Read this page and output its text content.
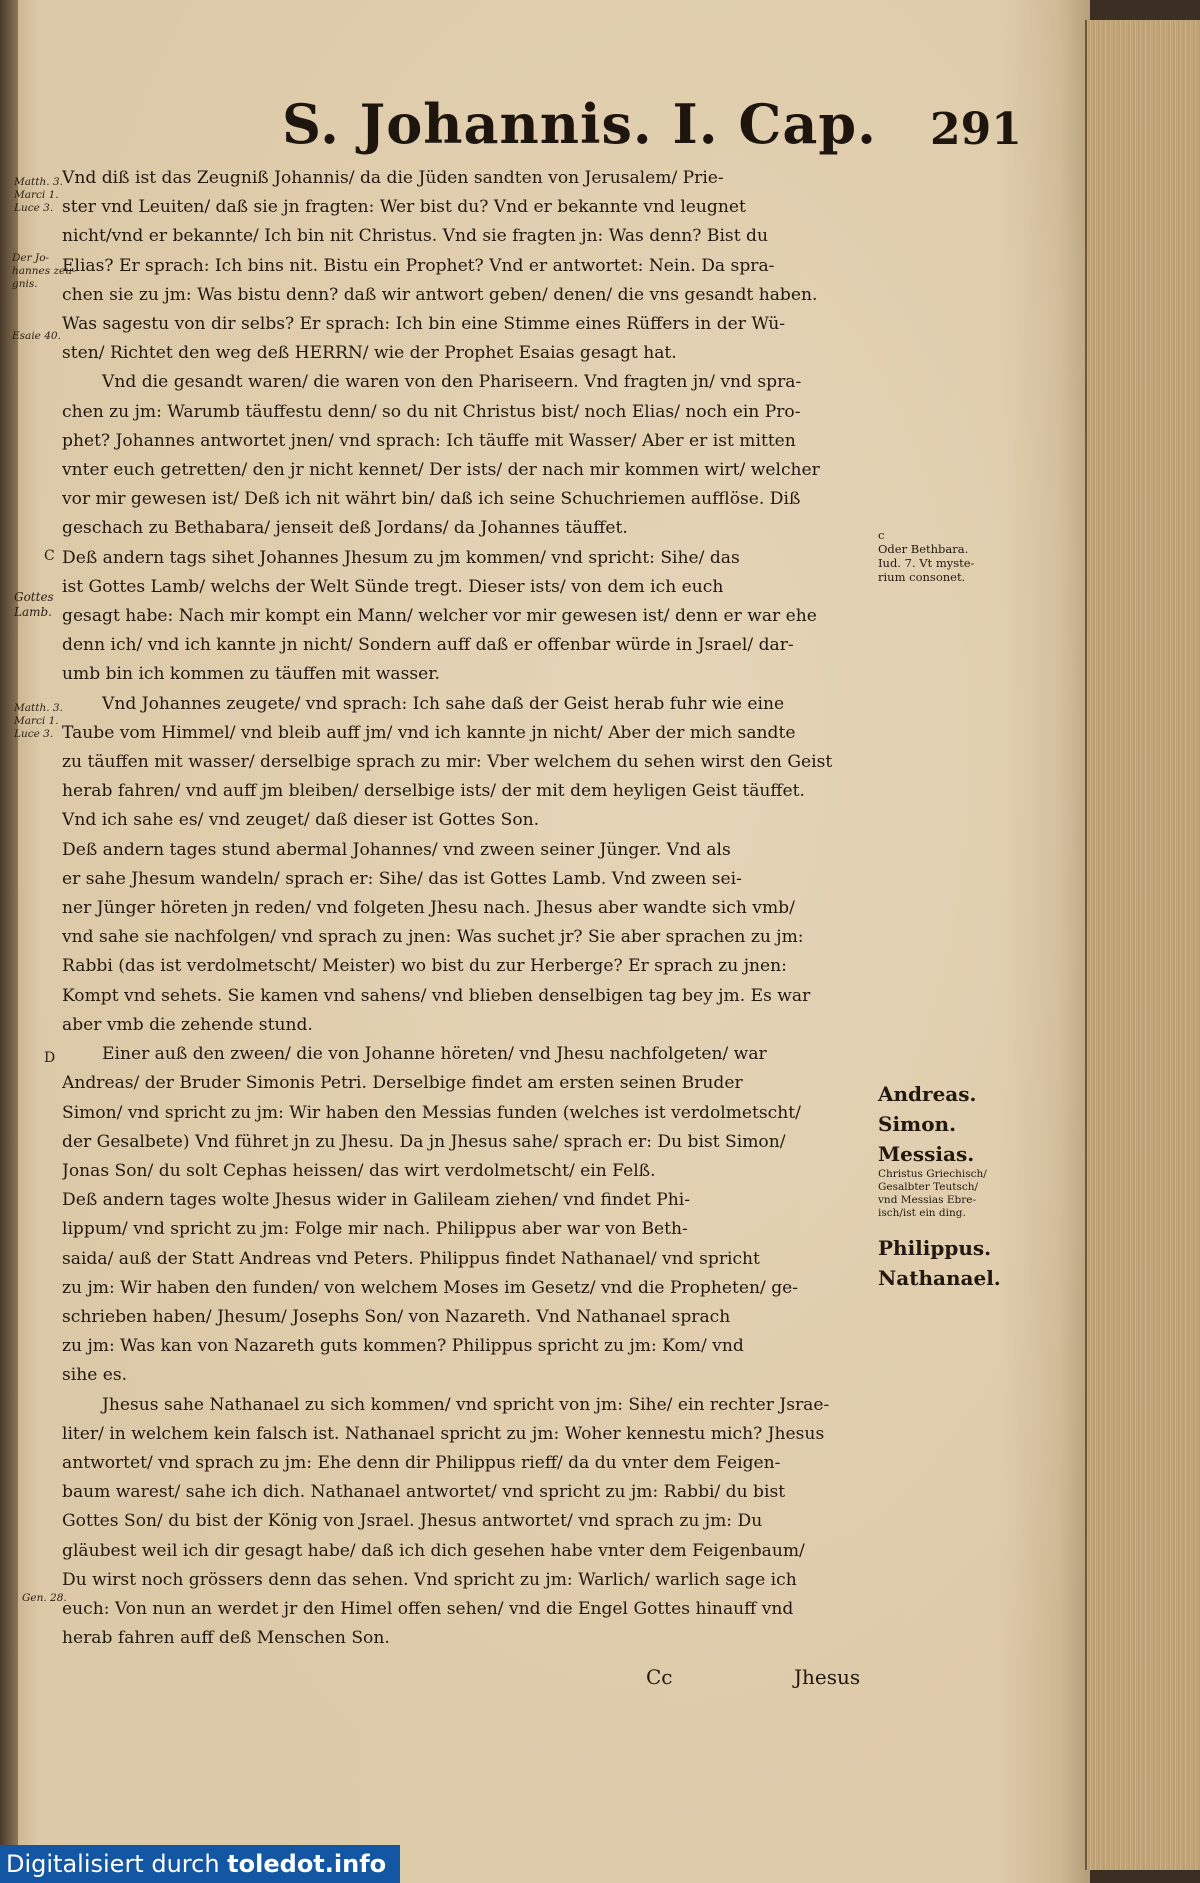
S. Johannis. I. Cap. 291

Vnd diß ist das Zeugniß Johannis/ da die Jüden sandten von Jerusalem/ Prie-

ster vnd Leuiten/ daß sie jn fragten: Wer bist du? Vnd er bekannte vnd leugnet

nicht/vnd er bekannte/ Ich bin nit Christus. Vnd sie fragten jn: Was denn? Bist du

Elias? Er sprach: Ich bins nit. Bistu ein Prophet? Vnd er antwortet: Nein. Da spra-

chen sie zu jm: Was bistu denn? daß wir antwort geben/ denen/ die vns gesandt haben.

Was sagestu von dir selbs? Er sprach: Ich bin eine Stimme eines Rüffers in der Wü-

sten/ Richtet den weg deß HERRN/ wie der Prophet Esaias gesagt hat.

Vnd die gesandt waren/ die waren von den Phariseern. Vnd fragten jn/ vnd spra-

chen zu jm: Warumb täuffestu denn/ so du nit Christus bist/ noch Elias/ noch ein Pro-

phet? Johannes antwortet jnen/ vnd sprach: Ich täuffe mit Wasser/ Aber er ist mitten

vnter euch getretten/ den jr nicht kennet/ Der ists/ der nach mir kommen wirt/ welcher

vor mir gewesen ist/ Deß ich nit währt bin/ daß ich seine Schuchriemen aufflöse. Diß

geschach zu Bethabara/ jenseit deß Jordans/ da Johannes täuffet.

Deß andern tags sihet Johannes Jhesum zu jm kommen/ vnd spricht: Sihe/ das

ist Gottes Lamb/ welchs der Welt Sünde tregt. Dieser ists/ von dem ich euch

gesagt habe: Nach mir kompt ein Mann/ welcher vor mir gewesen ist/ denn er war ehe

denn ich/ vnd ich kannte jn nicht/ Sondern auff daß er offenbar würde in Jsrael/ dar-

umb bin ich kommen zu täuffen mit wasser.

Vnd Johannes zeugete/ vnd sprach: Ich sahe daß der Geist herab fuhr wie eine

Taube vom Himmel/ vnd bleib auff jm/ vnd ich kannte jn nicht/ Aber der mich sandte

zu täuffen mit wasser/ derselbige sprach zu mir: Vber welchem du sehen wirst den Geist

herab fahren/ vnd auff jm bleiben/ derselbige ists/ der mit dem heyligen Geist täuffet.

Vnd ich sahe es/ vnd zeuget/ daß dieser ist Gottes Son.

Deß andern tages stund abermal Johannes/ vnd zween seiner Jünger. Vnd als

er sahe Jhesum wandeln/ sprach er: Sihe/ das ist Gottes Lamb. Vnd zween sei-

ner Jünger höreten jn reden/ vnd folgeten Jhesu nach. Jhesus aber wandte sich vmb/

vnd sahe sie nachfolgen/ vnd sprach zu jnen: Was suchet jr? Sie aber sprachen zu jm:

Rabbi (das ist verdolmetscht/ Meister) wo bist du zur Herberge? Er sprach zu jnen:

Kompt vnd sehets. Sie kamen vnd sahens/ vnd blieben denselbigen tag bey jm. Es war

aber vmb die zehende stund.

Einer auß den zween/ die von Johanne höreten/ vnd Jhesu nachfolgeten/ war

Andreas/ der Bruder Simonis Petri. Derselbige findet am ersten seinen Bruder

Simon/ vnd spricht zu jm: Wir haben den Messias funden (welches ist verdolmetscht/

der Gesalbete) Vnd führet jn zu Jhesu. Da jn Jhesus sahe/ sprach er: Du bist Simon/

Jonas Son/ du solt Cephas heissen/ das wirt verdolmetscht/ ein Felß.

Deß andern tages wolte Jhesus wider in Galileam ziehen/ vnd findet Phi-

lippum/ vnd spricht zu jm: Folge mir nach. Philippus aber war von Beth-

saida/ auß der Statt Andreas vnd Peters. Philippus findet Nathanael/ vnd spricht

zu jm: Wir haben den funden/ von welchem Moses im Gesetz/ vnd die Propheten/ ge-

schrieben haben/ Jhesum/ Josephs Son/ von Nazareth. Vnd Nathanael sprach

zu jm: Was kan von Nazareth guts kommen? Philippus spricht zu jm: Kom/ vnd

sihe es.

Jhesus sahe Nathanael zu sich kommen/ vnd spricht von jm: Sihe/ ein rechter Jsrae-

liter/ in welchem kein falsch ist. Nathanael spricht zu jm: Woher kennestu mich? Jhesus

antwortet/ vnd sprach zu jm: Ehe denn dir Philippus rieff/ da du vnter dem Feigen-

baum warest/ sahe ich dich. Nathanael antwortet/ vnd spricht zu jm: Rabbi/ du bist

Gottes Son/ du bist der König von Jsrael. Jhesus antwortet/ vnd sprach zu jm: Du

gläubest weil ich dir gesagt habe/ daß ich dich gesehen habe vnter dem Feigenbaum/

Du wirst noch grössers denn das sehen. Vnd spricht zu jm: Warlich/ warlich sage ich

euch: Von nun an werdet jr den Himel offen sehen/ vnd die Engel Gottes hinauff vnd

herab fahren auff deß Menschen Son.

Matth. 3.
Marci 1.
Luce 3.
Der Jo-
hannes zeu-
gnis.
Esaie 40.
C
Gottes
Lamb.
Matth. 3.
Marci 1.
Luce 3.
D
Gen. 28.
c
Oder Bethbara.
Iud. 7. Vt myste-
rium consonet.
Andreas.
Simon.
Messias.
Christus Griechisch/
Gesalbter Teutsch/
vnd Messias Ebre-
isch/ist ein ding.
Philippus.
Nathanael.
Cc	Jhesus
Digitalisiert durch toledot.info
